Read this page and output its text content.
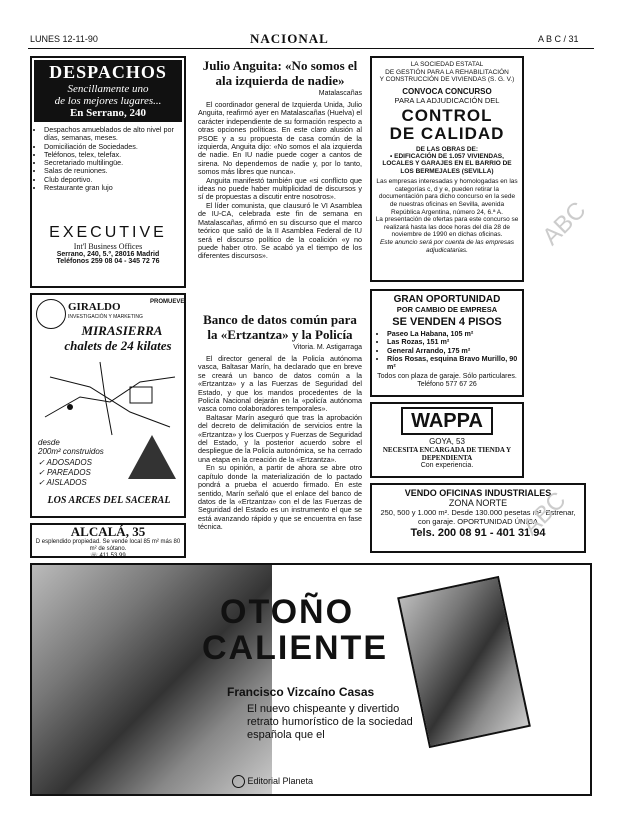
LUNES 12-11-90	NACIONAL	A B C / 31
DESPACHOS
Sencillamente uno
de los mejores lugares...
En Serrano, 240
• Despachos amueblados de alto nivel por días, semanas, meses.
• Domiciliación de Sociedades.
• Teléfonos, telex, telefax.
• Secretariado multilingüe.
• Salas de reuniones.
• Club deportivo.
• Restaurante gran lujo
EXECUTIVE
Int'l Business Offices
Serrano, 240, 5.º, 28016 Madrid
Teléfonos 259 08 04 - 345 72 76
GIRALDO	PROMUEVE
INVESTIGACIÓN Y MARKETING
MIRASIERRA
chalets de 24 kilates
desde
200m² construidos
✓ ADOSADOS
✓ PAREADOS
✓ AISLADOS
LOS ARCES DEL SACERAL
ALCALÁ, 35
D esplendido propiedad. Se vende local 85 m² más 80 m² de sótano.
☏ 411 53 99
Julio Anguita: «No somos el ala izquierda de nadie»
Matalascañas

El coordinador general de Izquierda Unida, Julio Anguita, reafirmó ayer en Matalascañas (Huelva) el carácter independiente de su formación respecto a otras opciones políticas. En este claro alusión al PSOE y a su propuesta de casa común de la izquierda, Anguita dijo: «No somos el ala izquierda de nadie. En IU nadie puede coger a cantos de sirena. No dependemos de nadie y, por lo tanto, somos más libres que nunca».

Anguita manifestó también que «si conflicto que ideas no puede haber multiplicidad de discursos y sí de propuestas a discutir entre nosotros».

El líder comunista, que clausuró le VI Asamblea de IU-CA, celebrada este fin de semana en Matalascañas, afirmó en su discurso que el marco teórico que salió de la II Asamblea Federal de IU será el discurso político de la coalición «y no puede haber otro. Se acabó ya el tiempo de los diferentes discursos».

Banco de datos común para la «Ertzantza» y la Policía
Vitoria. M. Astigarraga

El director general de la Policía autónoma vasca, Baltasar Marín, ha declarado que en breve se creará un banco de datos común a la «Ertzantza» y a las Fuerzas de Seguridad del Estado, y que los mandos procedentes de la Policía Nacional dejarán en la «policía autónoma vasca como colaboradores temporales».

Baltasar Marín aseguró que tras la aprobación del decreto de delimitación de servicios entre la «Ertzantza» y los Cuerpos y Fuerzas de Seguridad del Estado, y la posterior acuerdo sobre el despliegue de la Policía autonómica, se ha cerrado una etapa en la creación de la «Ertzantza».

En su opinión, a partir de ahora se abre otro capítulo donde la materialización de lo pactado pondrá a prueba el acuerdo firmado. En este sentido, Marín señaló que el enlace del banco de datos de la «Ertzantza» con el de las Fuerzas de Seguridad del Estado es un instrumento el que se está avanzando rápido y que se encuentra en fase técnica.

LA SOCIEDAD ESTATAL
DE GESTIÓN PARA LA REHABILITACIÓN
Y CONSTRUCCIÓN DE VIVIENDAS (S. G. V.)
CONVOCA CONCURSO
PARA LA ADJUDICACIÓN DEL
CONTROL
DE CALIDAD
DE LAS OBRAS DE:
• EDIFICACIÓN DE 1.057 VIVIENDAS, LOCALES Y GARAJES EN EL BARRIO DE LOS BERMEJALES (SEVILLA)
Las empresas interesadas y homologadas en las categorías c, d y e, pueden retirar la documentación para dicho concurso en la sede de nuestras oficinas en Sevilla, avenida República Argentina, número 24, 6.ª A.
La presentación de ofertas para este concurso se realizará hasta las doce horas del día 28 de noviembre de 1990 en dichas oficinas.
Este anuncio será por cuenta de las empresas adjudicatarias.
GRAN OPORTUNIDAD
POR CAMBIO DE EMPRESA
SE VENDEN 4 PISOS
• Paseo La Habana, 105 m²
• Las Rozas, 151 m²
• General Arrando, 175 m²
• Ríos Rosas, esquina Bravo Murillo, 90 m²
Todos con plaza de garaje. Sólo particulares. Teléfono 577 67 26
WAPPA
GOYA, 53
NECESITA ENCARGADA DE TIENDA Y DEPENDIENTA
Con experiencia.
VENDO OFICINAS INDUSTRIALES
ZONA NORTE
250, 500 y 1.000 m². Desde 130.000 pesetas m². Estrenar, con garaje. OPORTUNIDAD ÚNICA
Tels. 200 08 91 - 401 31 94
OTOÑO
CALIENTE
Francisco Vizcaíno Casas
El nuevo chispeante y divertido
retrato humorístico de la sociedad
española que el
Editorial Planeta
ABC
ABC
